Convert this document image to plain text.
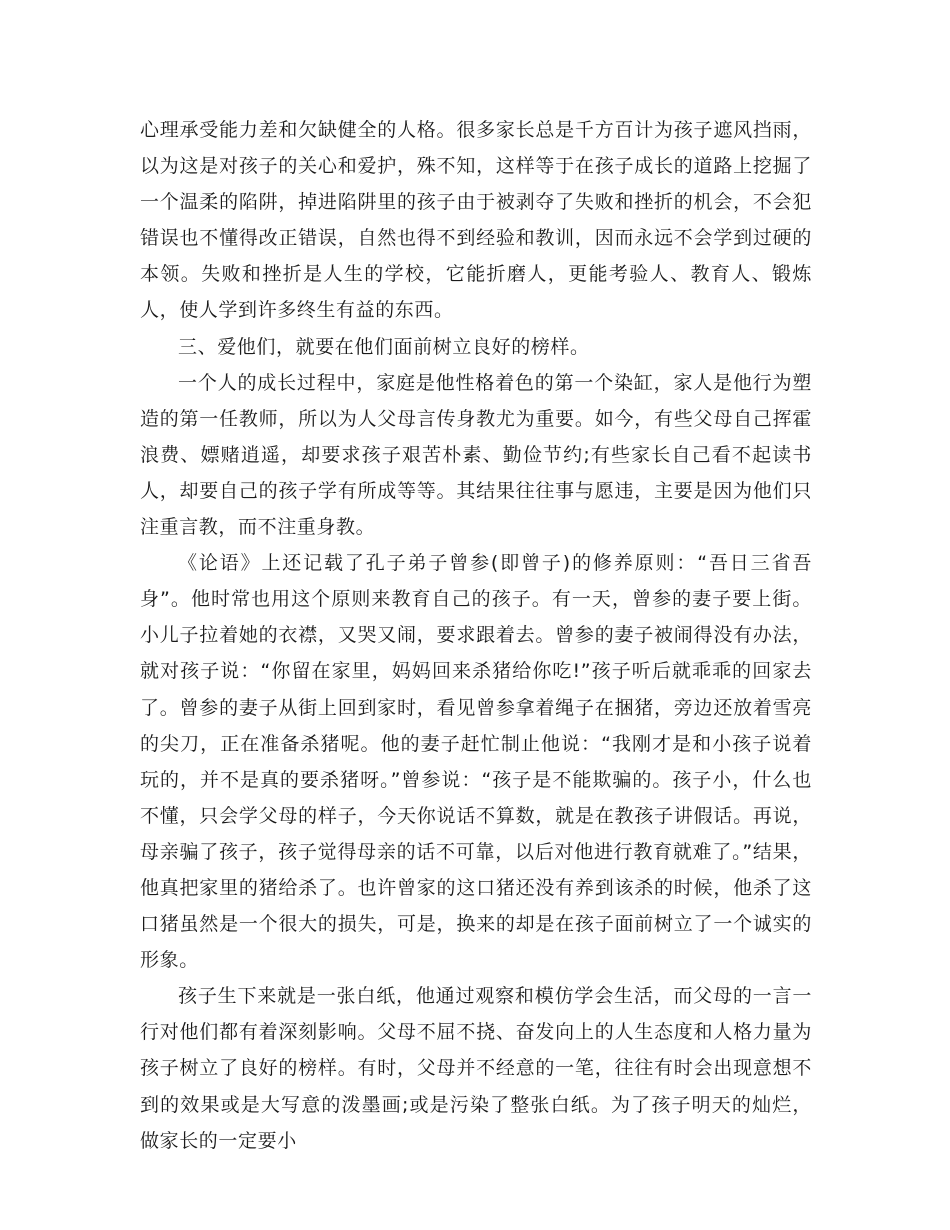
心理承受能力差和欠缺健全的人格。很多家长总是千方百计为孩子遮风挡雨，以为这是对孩子的关心和爱护，殊不知，这样等于在孩子成长的道路上挖掘了一个温柔的陷阱，掉进陷阱里的孩子由于被剥夺了失败和挫折的机会，不会犯错误也不懂得改正错误，自然也得不到经验和教训，因而永远不会学到过硬的本领。失败和挫折是人生的学校，它能折磨人，更能考验人、教育人、锻炼人，使人学到许多终生有益的东西。

三、爱他们，就要在他们面前树立良好的榜样。

一个人的成长过程中，家庭是他性格着色的第一个染缸，家人是他行为塑造的第一任教师，所以为人父母言传身教尤为重要。如今，有些父母自己挥霍浪费、嫖赌逍遥，却要求孩子艰苦朴素、勤俭节约;有些家长自己看不起读书人，却要自己的孩子学有所成等等。其结果往往事与愿违，主要是因为他们只注重言教，而不注重身教。

《论语》上还记载了孔子弟子曾参(即曾子)的修养原则：“吾日三省吾身”。他时常也用这个原则来教育自己的孩子。有一天，曾参的妻子要上街。小儿子拉着她的衣襟，又哭又闹，要求跟着去。曾参的妻子被闹得没有办法，就对孩子说：“你留在家里，妈妈回来杀猪给你吃!”孩子听后就乖乖的回家去了。曾参的妻子从街上回到家时，看见曾参拿着绳子在捆猪，旁边还放着雪亮的尖刀，正在准备杀猪呢。他的妻子赶忙制止他说：“我刚才是和小孩子说着玩的，并不是真的要杀猪呀。”曾参说：“孩子是不能欺骗的。孩子小，什么也不懂，只会学父母的样子，今天你说话不算数，就是在教孩子讲假话。再说，母亲骗了孩子，孩子觉得母亲的话不可靠，以后对他进行教育就难了。”结果，他真把家里的猪给杀了。也许曾家的这口猪还没有养到该杀的时候，他杀了这口猪虽然是一个很大的损失，可是，换来的却是在孩子面前树立了一个诚实的形象。

孩子生下来就是一张白纸，他通过观察和模仿学会生活，而父母的一言一行对他们都有着深刻影响。父母不屈不挠、奋发向上的人生态度和人格力量为孩子树立了良好的榜样。有时，父母并不经意的一笔，往往有时会出现意想不到的效果或是大写意的泼墨画;或是污染了整张白纸。为了孩子明天的灿烂，做家长的一定要小
